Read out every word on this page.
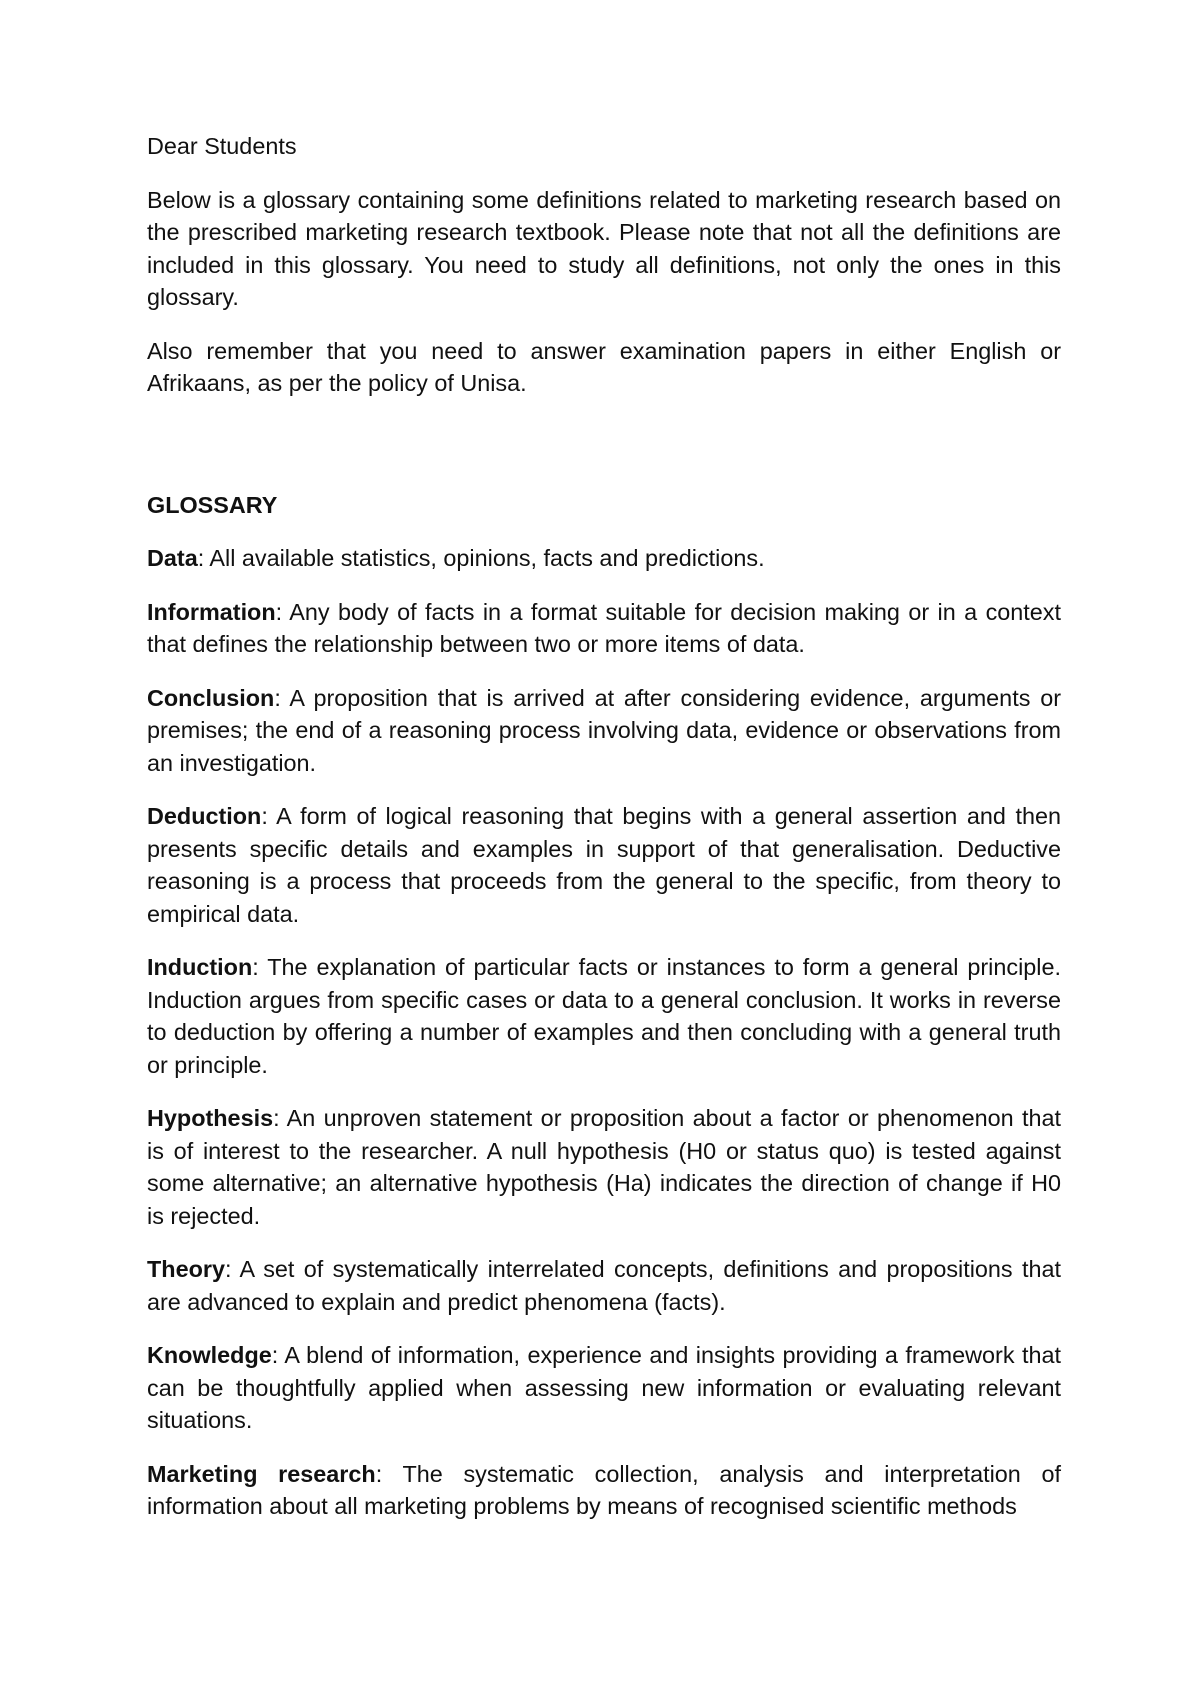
Dear Students

Below is a glossary containing some definitions related to marketing research based on the prescribed marketing research textbook. Please note that not all the definitions are included in this glossary. You need to study all definitions, not only the ones in this glossary.

Also remember that you need to answer examination papers in either English or Afrikaans, as per the policy of Unisa.

GLOSSARY

Data: All available statistics, opinions, facts and predictions.

Information: Any body of facts in a format suitable for decision making or in a context that defines the relationship between two or more items of data.

Conclusion: A proposition that is arrived at after considering evidence, arguments or premises; the end of a reasoning process involving data, evidence or observations from an investigation.

Deduction: A form of logical reasoning that begins with a general assertion and then presents specific details and examples in support of that generalisation. Deductive reasoning is a process that proceeds from the general to the specific, from theory to empirical data.

Induction: The explanation of particular facts or instances to form a general principle. Induction argues from specific cases or data to a general conclusion. It works in reverse to deduction by offering a number of examples and then concluding with a general truth or principle.

Hypothesis: An unproven statement or proposition about a factor or phenomenon that is of interest to the researcher. A null hypothesis (H0 or status quo) is tested against some alternative; an alternative hypothesis (Ha) indicates the direction of change if H0 is rejected.

Theory: A set of systematically interrelated concepts, definitions and propositions that are advanced to explain and predict phenomena (facts).

Knowledge: A blend of information, experience and insights providing a framework that can be thoughtfully applied when assessing new information or evaluating relevant situations.

Marketing research: The systematic collection, analysis and interpretation of information about all marketing problems by means of recognised scientific methods
